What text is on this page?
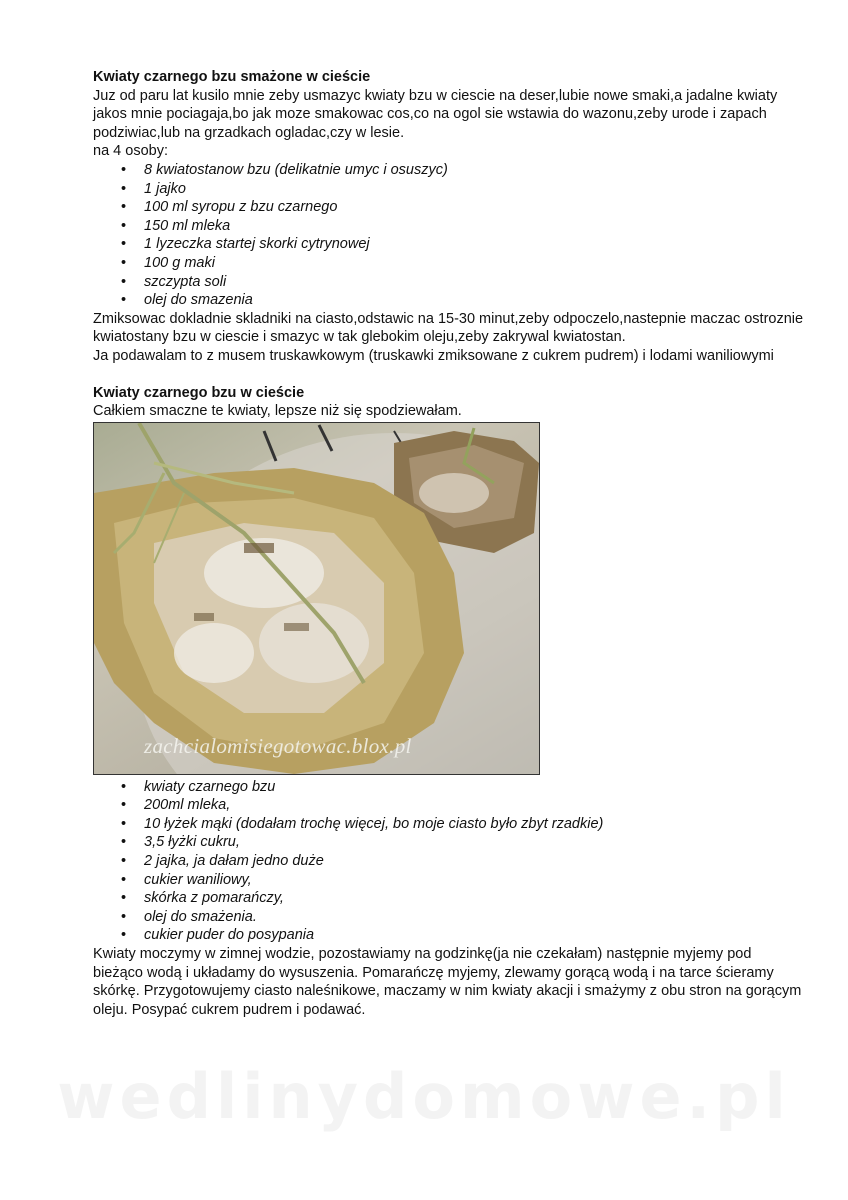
Kwiaty czarnego bzu smażone w cieście

Juz od paru lat kusilo mnie zeby usmazyc kwiaty bzu w ciescie na deser,lubie nowe smaki,a jadalne kwiaty jakos mnie pociagaja,bo jak moze smakowac cos,co na ogol sie wstawia do wazonu,zeby urode i zapach podziwiac,lub na grzadkach ogladac,czy w lesie.

na 4 osoby:

• 8 kwiatostanow bzu (delikatnie umyc i osuszyc)
• 1 jajko
• 100 ml syropu z bzu czarnego
• 150 ml mleka
• 1 lyzeczka startej skorki cytrynowej
• 100 g maki
• szczypta soli
• olej do smazenia

Zmiksowac dokladnie skladniki na ciasto,odstawic na 15-30 minut,zeby odpoczelo,nastepnie maczac ostroznie kwiatostany bzu w ciescie i smazyc w tak glebokim oleju,zeby zakrywal kwiatostan.

Ja podawalam to z musem truskawkowym (truskawki zmiksowane z cukrem pudrem) i lodami waniliowymi

Kwiaty czarnego bzu w cieście

Całkiem smaczne te kwiaty, lepsze niż się spodziewałam.

zachcialomisiegotowac.blox.pl
• kwiaty czarnego bzu
• 200ml mleka,
• 10 łyżek mąki (dodałam trochę więcej, bo moje ciasto było zbyt rzadkie)
• 3,5 łyżki cukru,
• 2 jajka, ja dałam jedno duże
• cukier waniliowy,
• skórka z pomarańczy,
• olej do smażenia.
• cukier puder do posypania

Kwiaty moczymy w zimnej wodzie, pozostawiamy na godzinkę(ja nie czekałam) następnie myjemy pod bieżąco wodą i układamy do wysuszenia. Pomarańczę myjemy, zlewamy gorącą wodą i na tarce ścieramy skórkę. Przygotowujemy ciasto naleśnikowe, maczamy w nim kwiaty akacji i smażymy z obu stron na gorącym oleju. Posypać cukrem pudrem i podawać.

wedlinydomowe.pl
